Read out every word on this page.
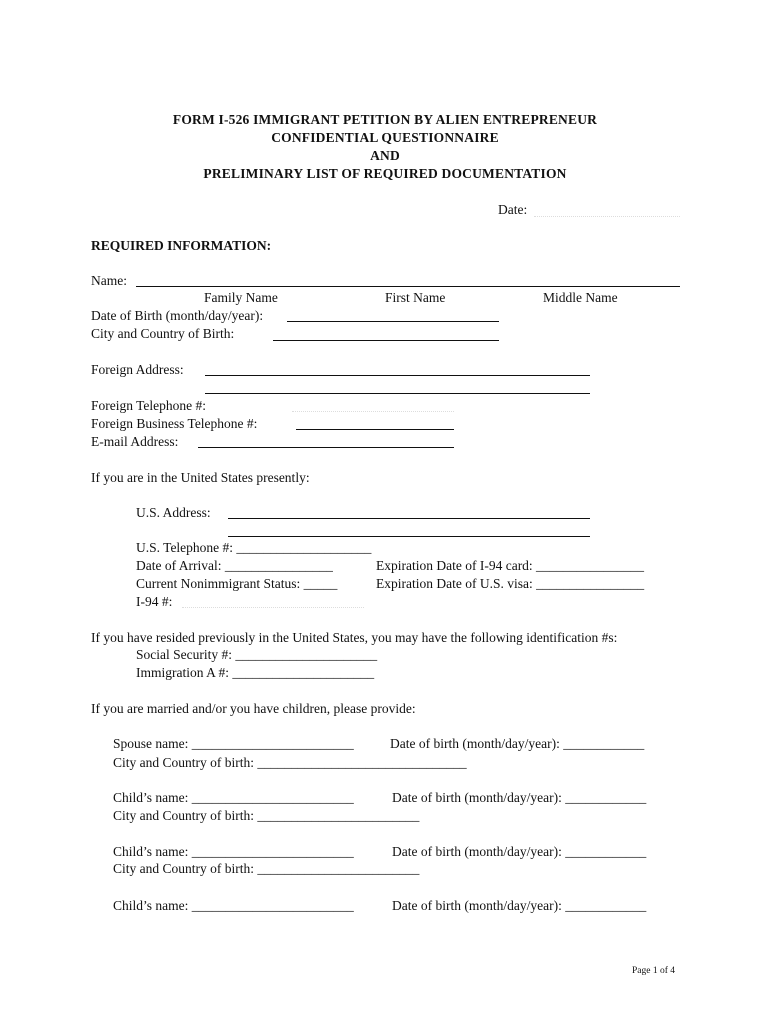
FORM I-526 IMMIGRANT PETITION BY ALIEN ENTREPRENEUR
CONFIDENTIAL QUESTIONNAIRE
AND
PRELIMINARY LIST OF REQUIRED DOCUMENTATION
Date:
REQUIRED INFORMATION:
Name:
Family Name	First Name	Middle Name
Date of Birth (month/day/year):
City and Country of Birth:
Foreign Address:
Foreign Telephone #:
Foreign Business Telephone #:
E-mail Address:
If you are in the United States presently:
U.S. Address:
U.S. Telephone #: ____________________
Date of Arrival: ________________	Expiration Date of I-94 card: ________________
Current Nonimmigrant Status: _____	Expiration Date of U.S. visa: ________________
I-94 #:
If you have resided previously in the United States, you may have the following identification #s:
Social Security #: _____________________
Immigration A #: _____________________
If you are married and/or you have children, please provide:
Spouse name: ________________________	Date of birth (month/day/year): ____________
City and Country of birth: _______________________________
Child’s name: ________________________	Date of birth (month/day/year): ____________
City and Country of birth: ________________________
Child’s name: ________________________	Date of birth (month/day/year): ____________
City and Country of birth: ________________________
Child’s name: ________________________	Date of birth (month/day/year): ____________
Page 1 of 4
